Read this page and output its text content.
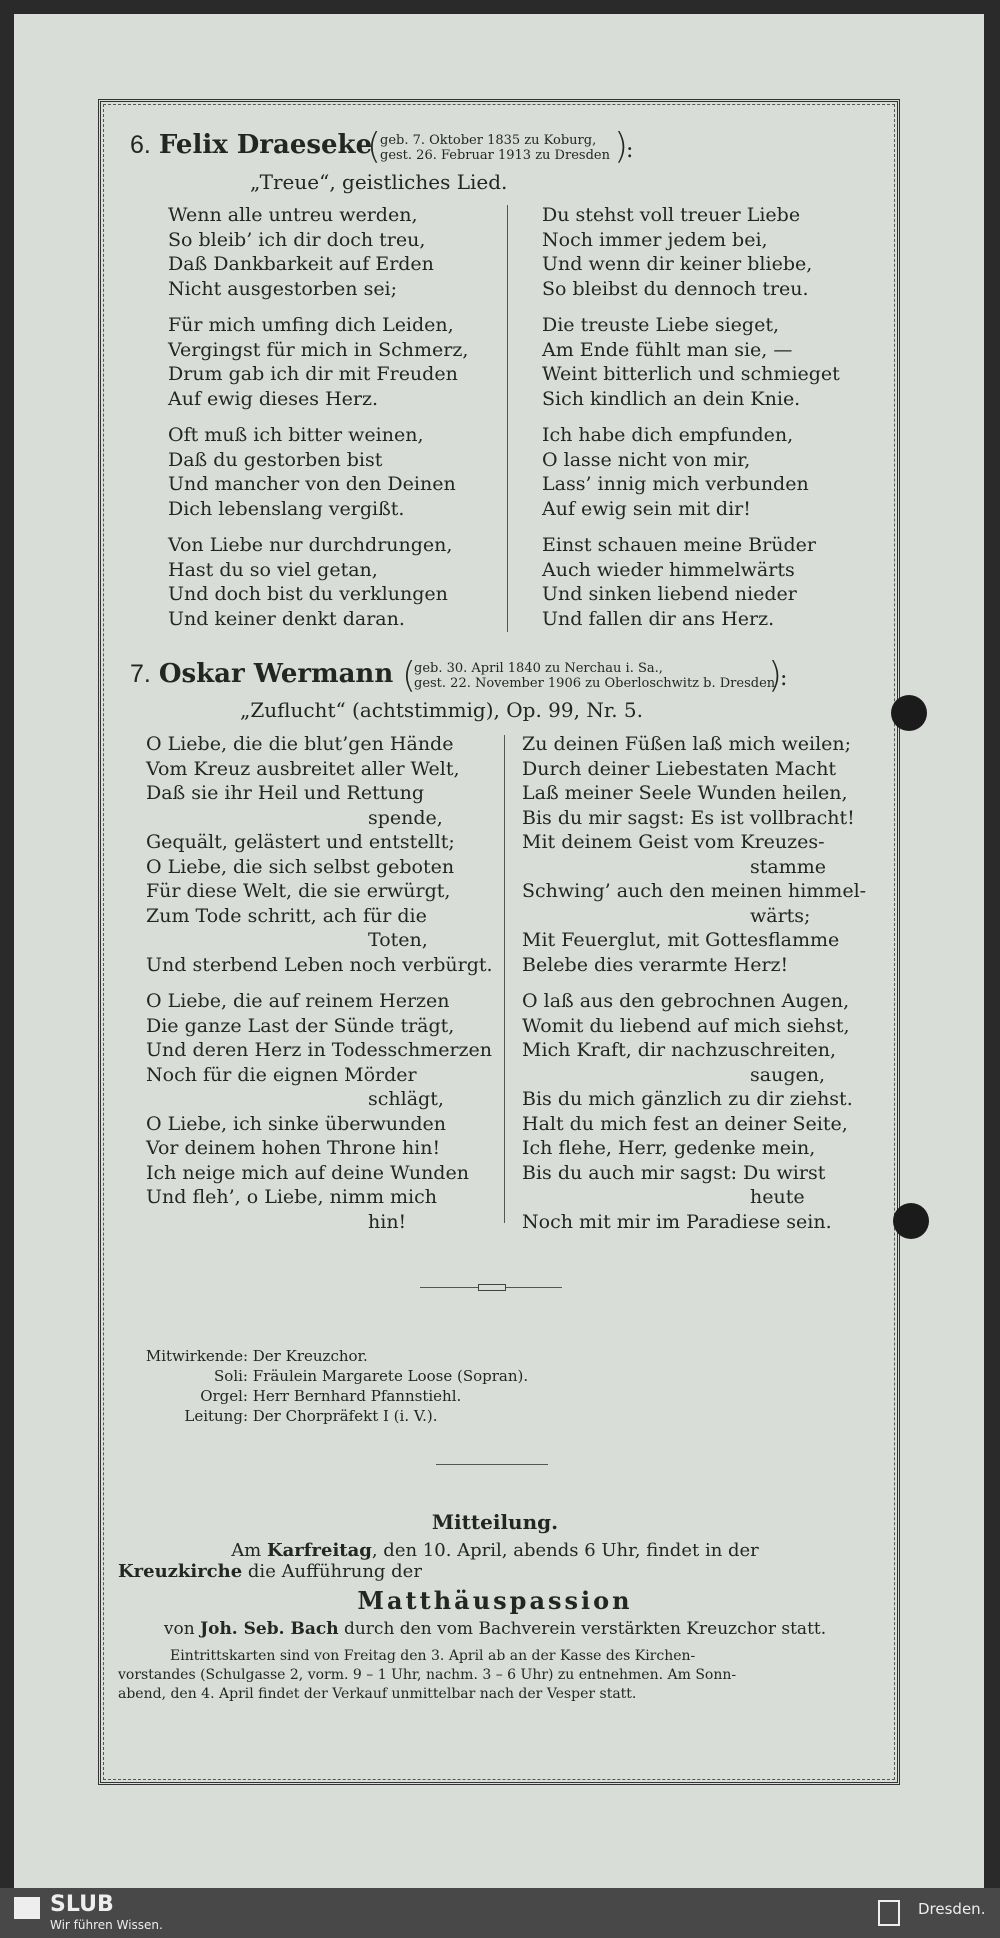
6. Felix Draeseke
(
geb. 7. Oktober 1835 zu Koburg,
gest. 26. Februar 1913 zu Dresden )
:
„Treue“, geistliches Lied.
Wenn alle untreu werden,
So bleib’ ich dir doch treu,
Daß Dankbarkeit auf Erden
Nicht ausgestorben sei;
Für mich umfing dich Leiden,
Vergingst für mich in Schmerz,
Drum gab ich dir mit Freuden
Auf ewig dieses Herz.
Oft muß ich bitter weinen,
Daß du gestorben bist
Und mancher von den Deinen
Dich lebenslang vergißt.
Von Liebe nur durchdrungen,
Hast du so viel getan,
Und doch bist du verklungen
Und keiner denkt daran.
Du stehst voll treuer Liebe
Noch immer jedem bei,
Und wenn dir keiner bliebe,
So bleibst du dennoch treu.
Die treuste Liebe sieget,
Am Ende fühlt man sie, —
Weint bitterlich und schmieget
Sich kindlich an dein Knie.
Ich habe dich empfunden,
O lasse nicht von mir,
Lass’ innig mich verbunden
Auf ewig sein mit dir!
Einst schauen meine Brüder
Auch wieder himmelwärts
Und sinken liebend nieder
Und fallen dir ans Herz.
7. Oskar Wermann (
geb. 30. April 1840 zu Nerchau i. Sa.,
gest. 22. November 1906 zu Oberloschwitz b. Dresden
)
:
„Zuflucht“ (achtstimmig), Op. 99, Nr. 5.
O Liebe, die die blut’gen Hände
Vom Kreuz ausbreitet aller Welt,
Daß sie ihr Heil und Rettung
spende,
Gequält, gelästert und entstellt;
O Liebe, die sich selbst geboten
Für diese Welt, die sie erwürgt,
Zum Tode schritt, ach für die
Toten,
Und sterbend Leben noch verbürgt.
O Liebe, die auf reinem Herzen
Die ganze Last der Sünde trägt,
Und deren Herz in Todesschmerzen
Noch für die eignen Mörder
schlägt,
O Liebe, ich sinke überwunden
Vor deinem hohen Throne hin!
Ich neige mich auf deine Wunden
Und fleh’, o Liebe, nimm mich
hin!
Zu deinen Füßen laß mich weilen;
Durch deiner Liebestaten Macht
Laß meiner Seele Wunden heilen,
Bis du mir sagst: Es ist vollbracht!
Mit deinem Geist vom Kreuzes-
stamme
Schwing’ auch den meinen himmel-
wärts;
Mit Feuerglut, mit Gottesflamme
Belebe dies verarmte Herz!
O laß aus den gebrochnen Augen,
Womit du liebend auf mich siehst,
Mich Kraft, dir nachzuschreiten,
saugen,
Bis du mich gänzlich zu dir ziehst.
Halt du mich fest an deiner Seite,
Ich flehe, Herr, gedenke mein,
Bis du auch mir sagst: Du wirst
heute
Noch mit mir im Paradiese sein.
Mitwirkende: Der Kreuzchor.
Soli: Fräulein Margarete Loose (Sopran).
Orgel: Herr Bernhard Pfannstiehl.
Leitung: Der Chorpräfekt I (i. V.).
Mitteilung.
Am Karfreitag, den 10. April, abends 6 Uhr, findet in der
Kreuzkirche die Aufführung der
Matthäuspassion
von Joh. Seb. Bach durch den vom Bachverein verstärkten Kreuzchor statt.
Eintrittskarten sind von Freitag den 3. April ab an der Kasse des Kirchen-
vorstandes (Schulgasse 2, vorm. 9 – 1 Uhr, nachm. 3 – 6 Uhr) zu entnehmen. Am Sonn-
abend, den 4. April findet der Verkauf unmittelbar nach der Vesper statt.
SLUB
Wir führen Wissen.
Dresden.
